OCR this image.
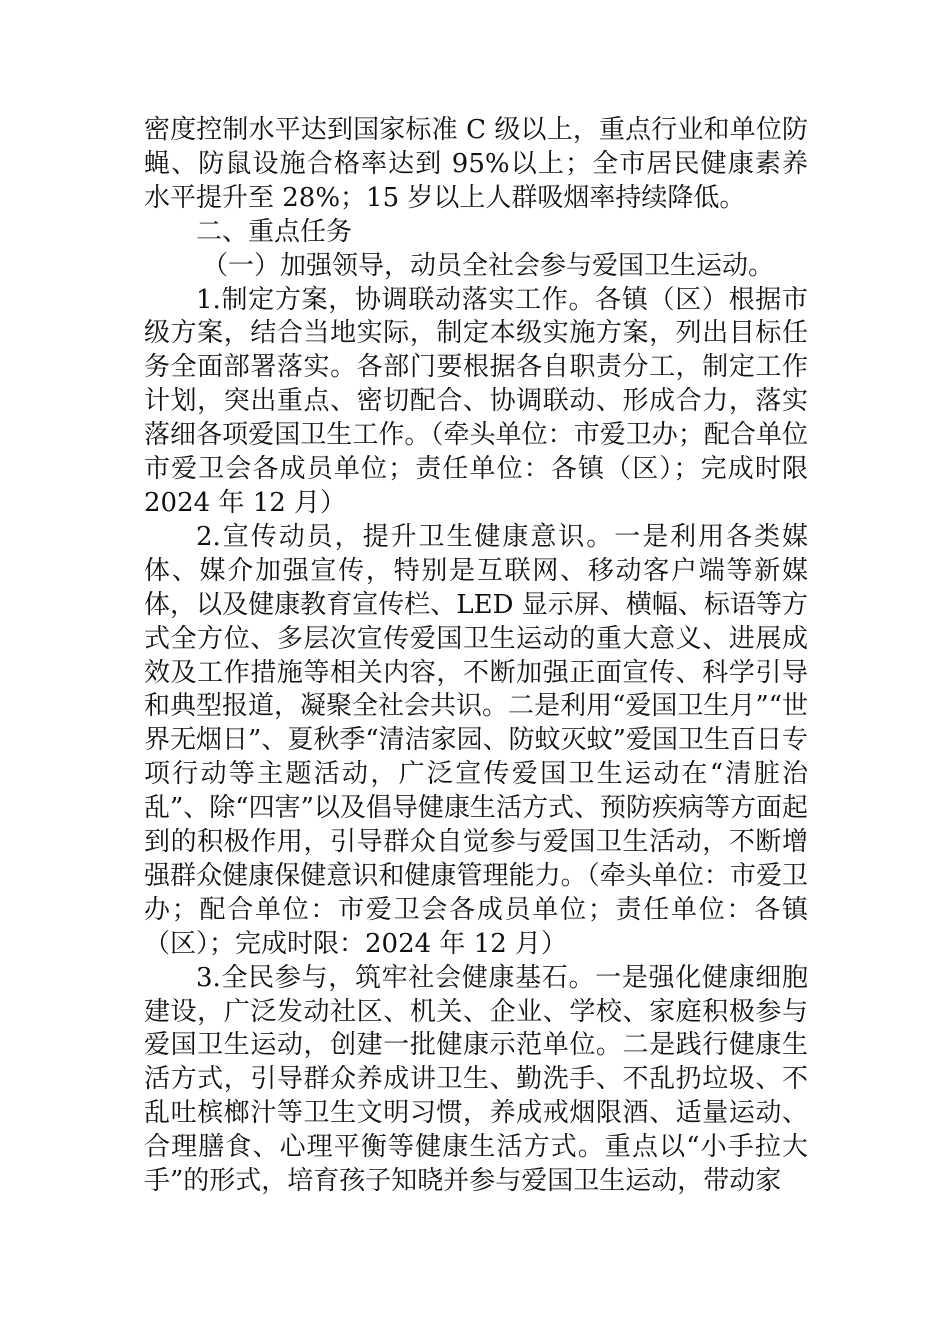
密度控制水平达到国家标准 C 级以上，重点行业和单位防蝇、防鼠设施合格率达到 95%以上；全市居民健康素养水平提升至 28%；15 岁以上人群吸烟率持续降低。

二、重点任务

（一）加强领导，动员全社会参与爱国卫生运动。

1.制定方案，协调联动落实工作。各镇（区）根据市级方案，结合当地实际，制定本级实施方案，列出目标任务全面部署落实。各部门要根据各自职责分工，制定工作计划，突出重点、密切配合、协调联动、形成合力，落实落细各项爱国卫生工作。（牵头单位：市爱卫办；配合单位市爱卫会各成员单位；责任单位：各镇（区）；完成时限 2024 年 12 月）

2.宣传动员，提升卫生健康意识。一是利用各类媒体、媒介加强宣传，特别是互联网、移动客户端等新媒体，以及健康教育宣传栏、LED 显示屏、横幅、标语等方式全方位、多层次宣传爱国卫生运动的重大意义、进展成效及工作措施等相关内容，不断加强正面宣传、科学引导和典型报道，凝聚全社会共识。二是利用“爱国卫生月”“世界无烟日”、夏秋季“清洁家园、防蚊灭蚊”爱国卫生百日专项行动等主题活动，广泛宣传爱国卫生运动在“清脏治乱”、除“四害”以及倡导健康生活方式、预防疾病等方面起到的积极作用，引导群众自觉参与爱国卫生活动，不断增强群众健康保健意识和健康管理能力。（牵头单位：市爱卫办；配合单位：市爱卫会各成员单位；责任单位：各镇（区）；完成时限：2024 年 12 月）

3.全民参与，筑牢社会健康基石。一是强化健康细胞建设，广泛发动社区、机关、企业、学校、家庭积极参与爱国卫生运动，创建一批健康示范单位。二是践行健康生活方式，引导群众养成讲卫生、勤洗手、不乱扔垃圾、不乱吐槟榔汁等卫生文明习惯，养成戒烟限酒、适量运动、合理膳食、心理平衡等健康生活方式。重点以“小手拉大手”的形式，培育孩子知晓并参与爱国卫生运动，带动家
